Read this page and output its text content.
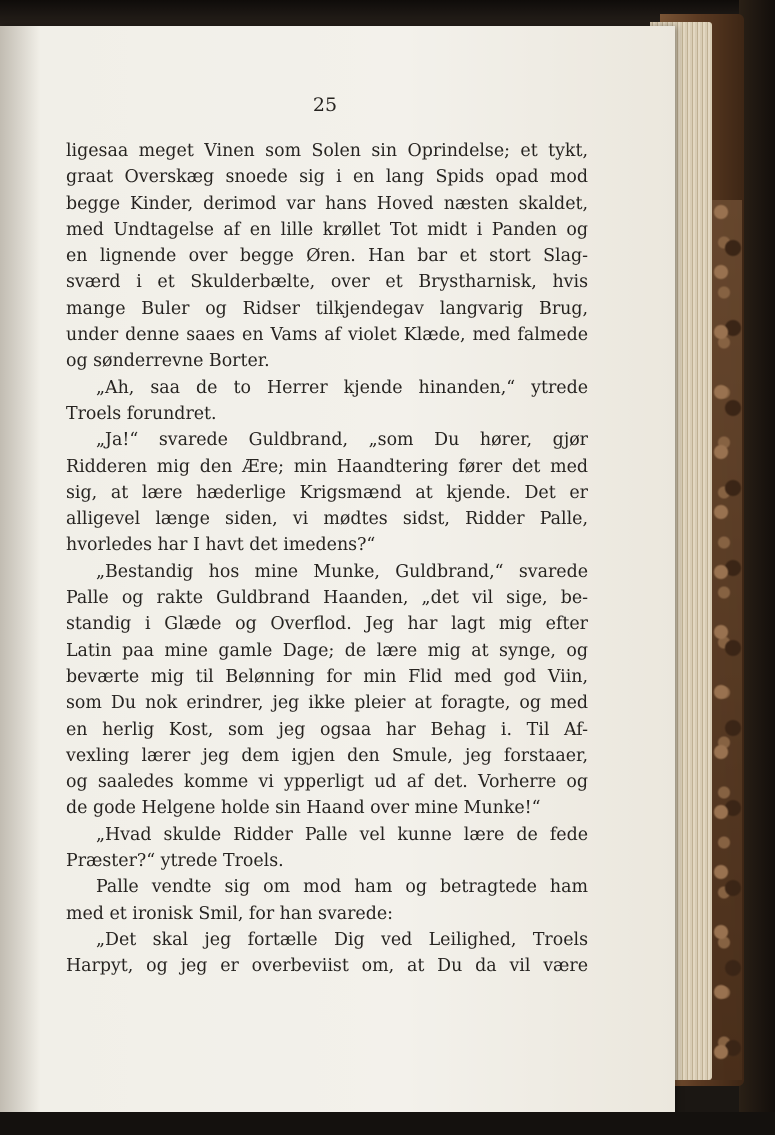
25
ligesaa meget Vinen som Solen sin Oprindelse; et tykt,
graat Overskæg snoede sig i en lang Spids opad mod
begge Kinder, derimod var hans Hoved næsten skaldet,
med Undtagelse af en lille krøllet Tot midt i Panden og
en lignende over begge Øren. Han bar et stort Slag-
sværd i et Skulderbælte, over et Brystharnisk, hvis
mange Buler og Ridser tilkjendegav langvarig Brug,
under denne saaes en Vams af violet Klæde, med falmede
og sønderrevne Borter.
„Ah, saa de to Herrer kjende hinanden,“ ytrede
Troels forundret.
„Ja!“ svarede Guldbrand, „som Du hører, gjør
Ridderen mig den Ære; min Haandtering fører det med
sig, at lære hæderlige Krigsmænd at kjende. Det er
alligevel længe siden, vi mødtes sidst, Ridder Palle,
hvorledes har I havt det imedens?“
„Bestandig hos mine Munke, Guldbrand,“ svarede
Palle og rakte Guldbrand Haanden, „det vil sige, be-
standig i Glæde og Overflod. Jeg har lagt mig efter
Latin paa mine gamle Dage; de lære mig at synge, og
beværte mig til Belønning for min Flid med god Viin,
som Du nok erindrer, jeg ikke pleier at foragte, og med
en herlig Kost, som jeg ogsaa har Behag i. Til Af-
vexling lærer jeg dem igjen den Smule, jeg forstaaer,
og saaledes komme vi ypperligt ud af det. Vorherre og
de gode Helgene holde sin Haand over mine Munke!“
„Hvad skulde Ridder Palle vel kunne lære de fede
Præster?“ ytrede Troels.
Palle vendte sig om mod ham og betragtede ham
med et ironisk Smil, for han svarede:
„Det skal jeg fortælle Dig ved Leilighed, Troels
Harpyt, og jeg er overbeviist om, at Du da vil være
